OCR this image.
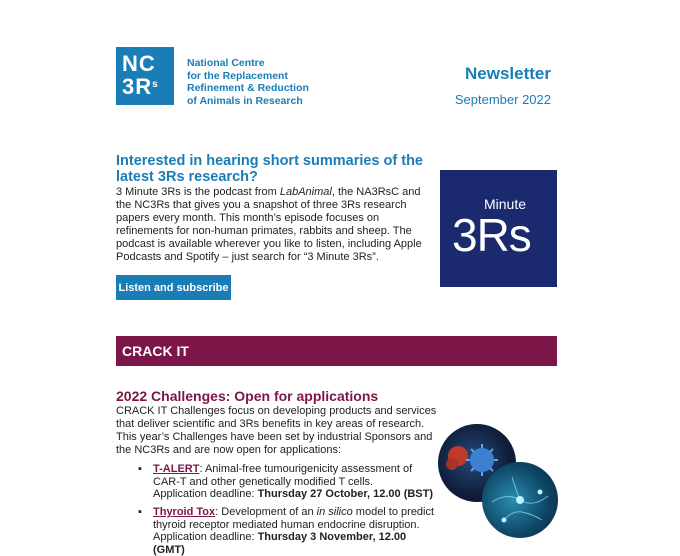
NC
$3R^s$
National Centre
for the Replacement
Refinement & Reduction
of Animals in Research
Newsletter
September 2022
Interested in hearing short summaries of the latest 3Rs research?
3 Minute 3Rs is the podcast from LabAnimal, the NA3RsC and the NC3Rs that gives you a snapshot of three 3Rs research papers every month. This month’s episode focuses on refinements for non-human primates, rabbits and sheep. The podcast is available wherever you like to listen, including Apple Podcasts and Spotify – just search for “3 Minute 3Rs”.
Listen and subscribe
Minute
3Rs
CRACK IT
2022 Challenges: Open for applications
CRACK IT Challenges focus on developing products and services that deliver scientific and 3Rs benefits in key areas of research. This year’s Challenges have been set by industrial Sponsors and the NC3Rs and are now open for applications:
▪ T-ALERT: Animal-free tumourigenicity assessment of CAR-T and other genetically modified T cells.
Application deadline: Thursday 27 October, 12.00 (BST)
▪ Thyroid Tox: Development of an in silico model to predict thyroid receptor mediated human endocrine disruption.
Application deadline: Thursday 3 November, 12.00 (GMT)
